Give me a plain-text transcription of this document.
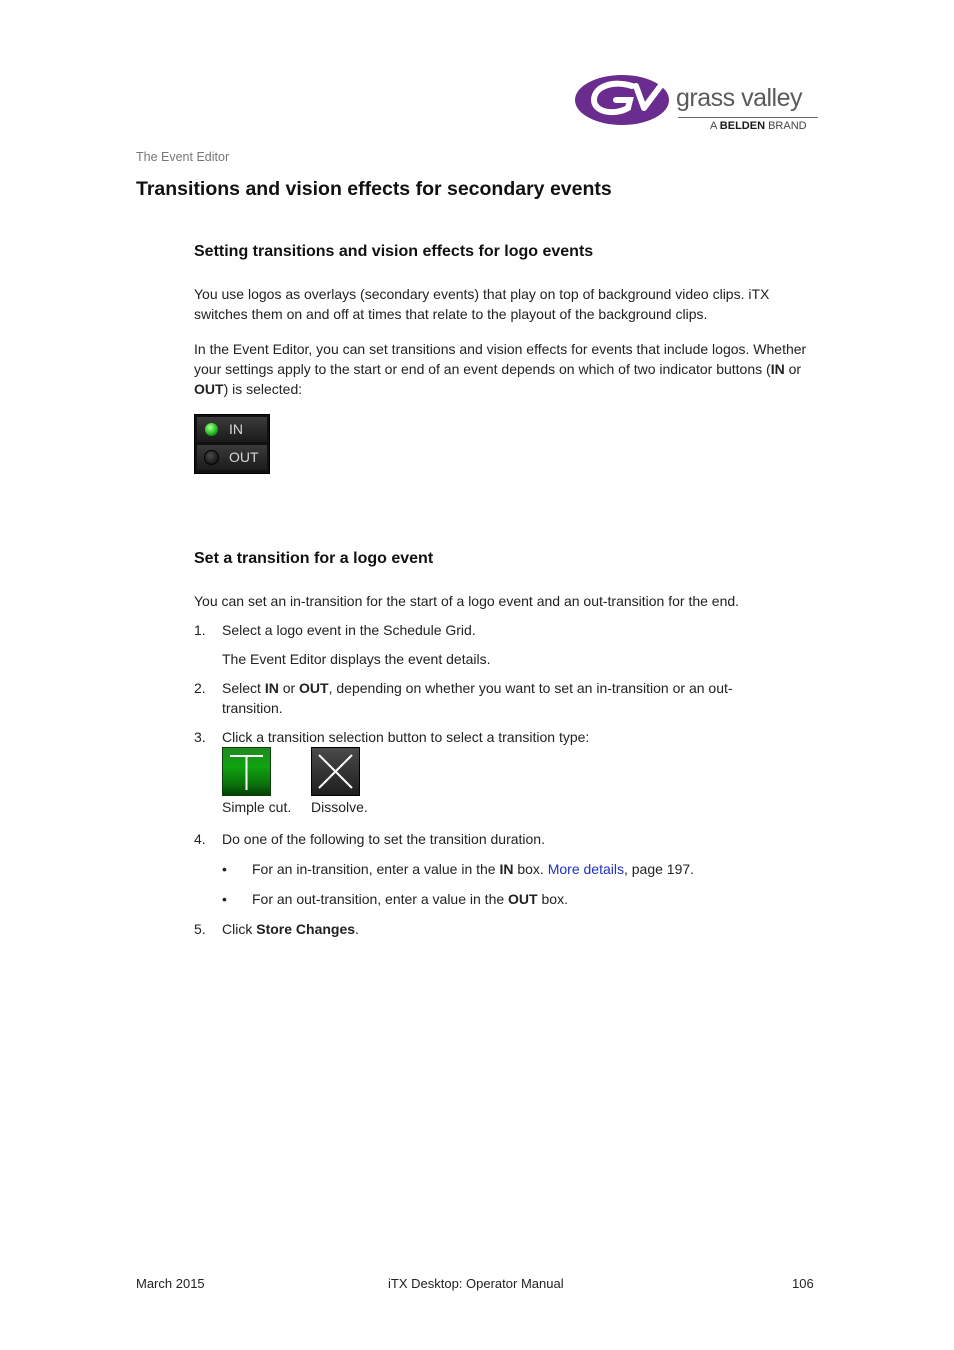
grass valley
A BELDEN BRAND
The Event Editor
Transitions and vision effects for secondary events
Setting transitions and vision effects for logo events

You use logos as overlays (secondary events) that play on top of background video clips. iTX switches them on and off at times that relate to the playout of the background clips.

In the Event Editor, you can set transitions and vision effects for events that include logos. Whether your settings apply to the start or end of an event depends on which of two indicator buttons (IN or OUT) is selected:

IN
OUT
Set a transition for a logo event

You can set an in-transition for the start of a logo event and an out-transition for the end.

1. Select a logo event in the Schedule Grid.
The Event Editor displays the event details.
2. Select IN or OUT, depending on whether you want to set an in-transition or an out-transition.
3. Click a transition selection button to select a transition type:
Simple cut. Dissolve.
4. Do one of the following to set the transition duration.
• For an in-transition, enter a value in the IN box. More details, page 197.
• For an out-transition, enter a value in the OUT box.
5. Click Store Changes.
March 2015	iTX Desktop: Operator Manual	106
